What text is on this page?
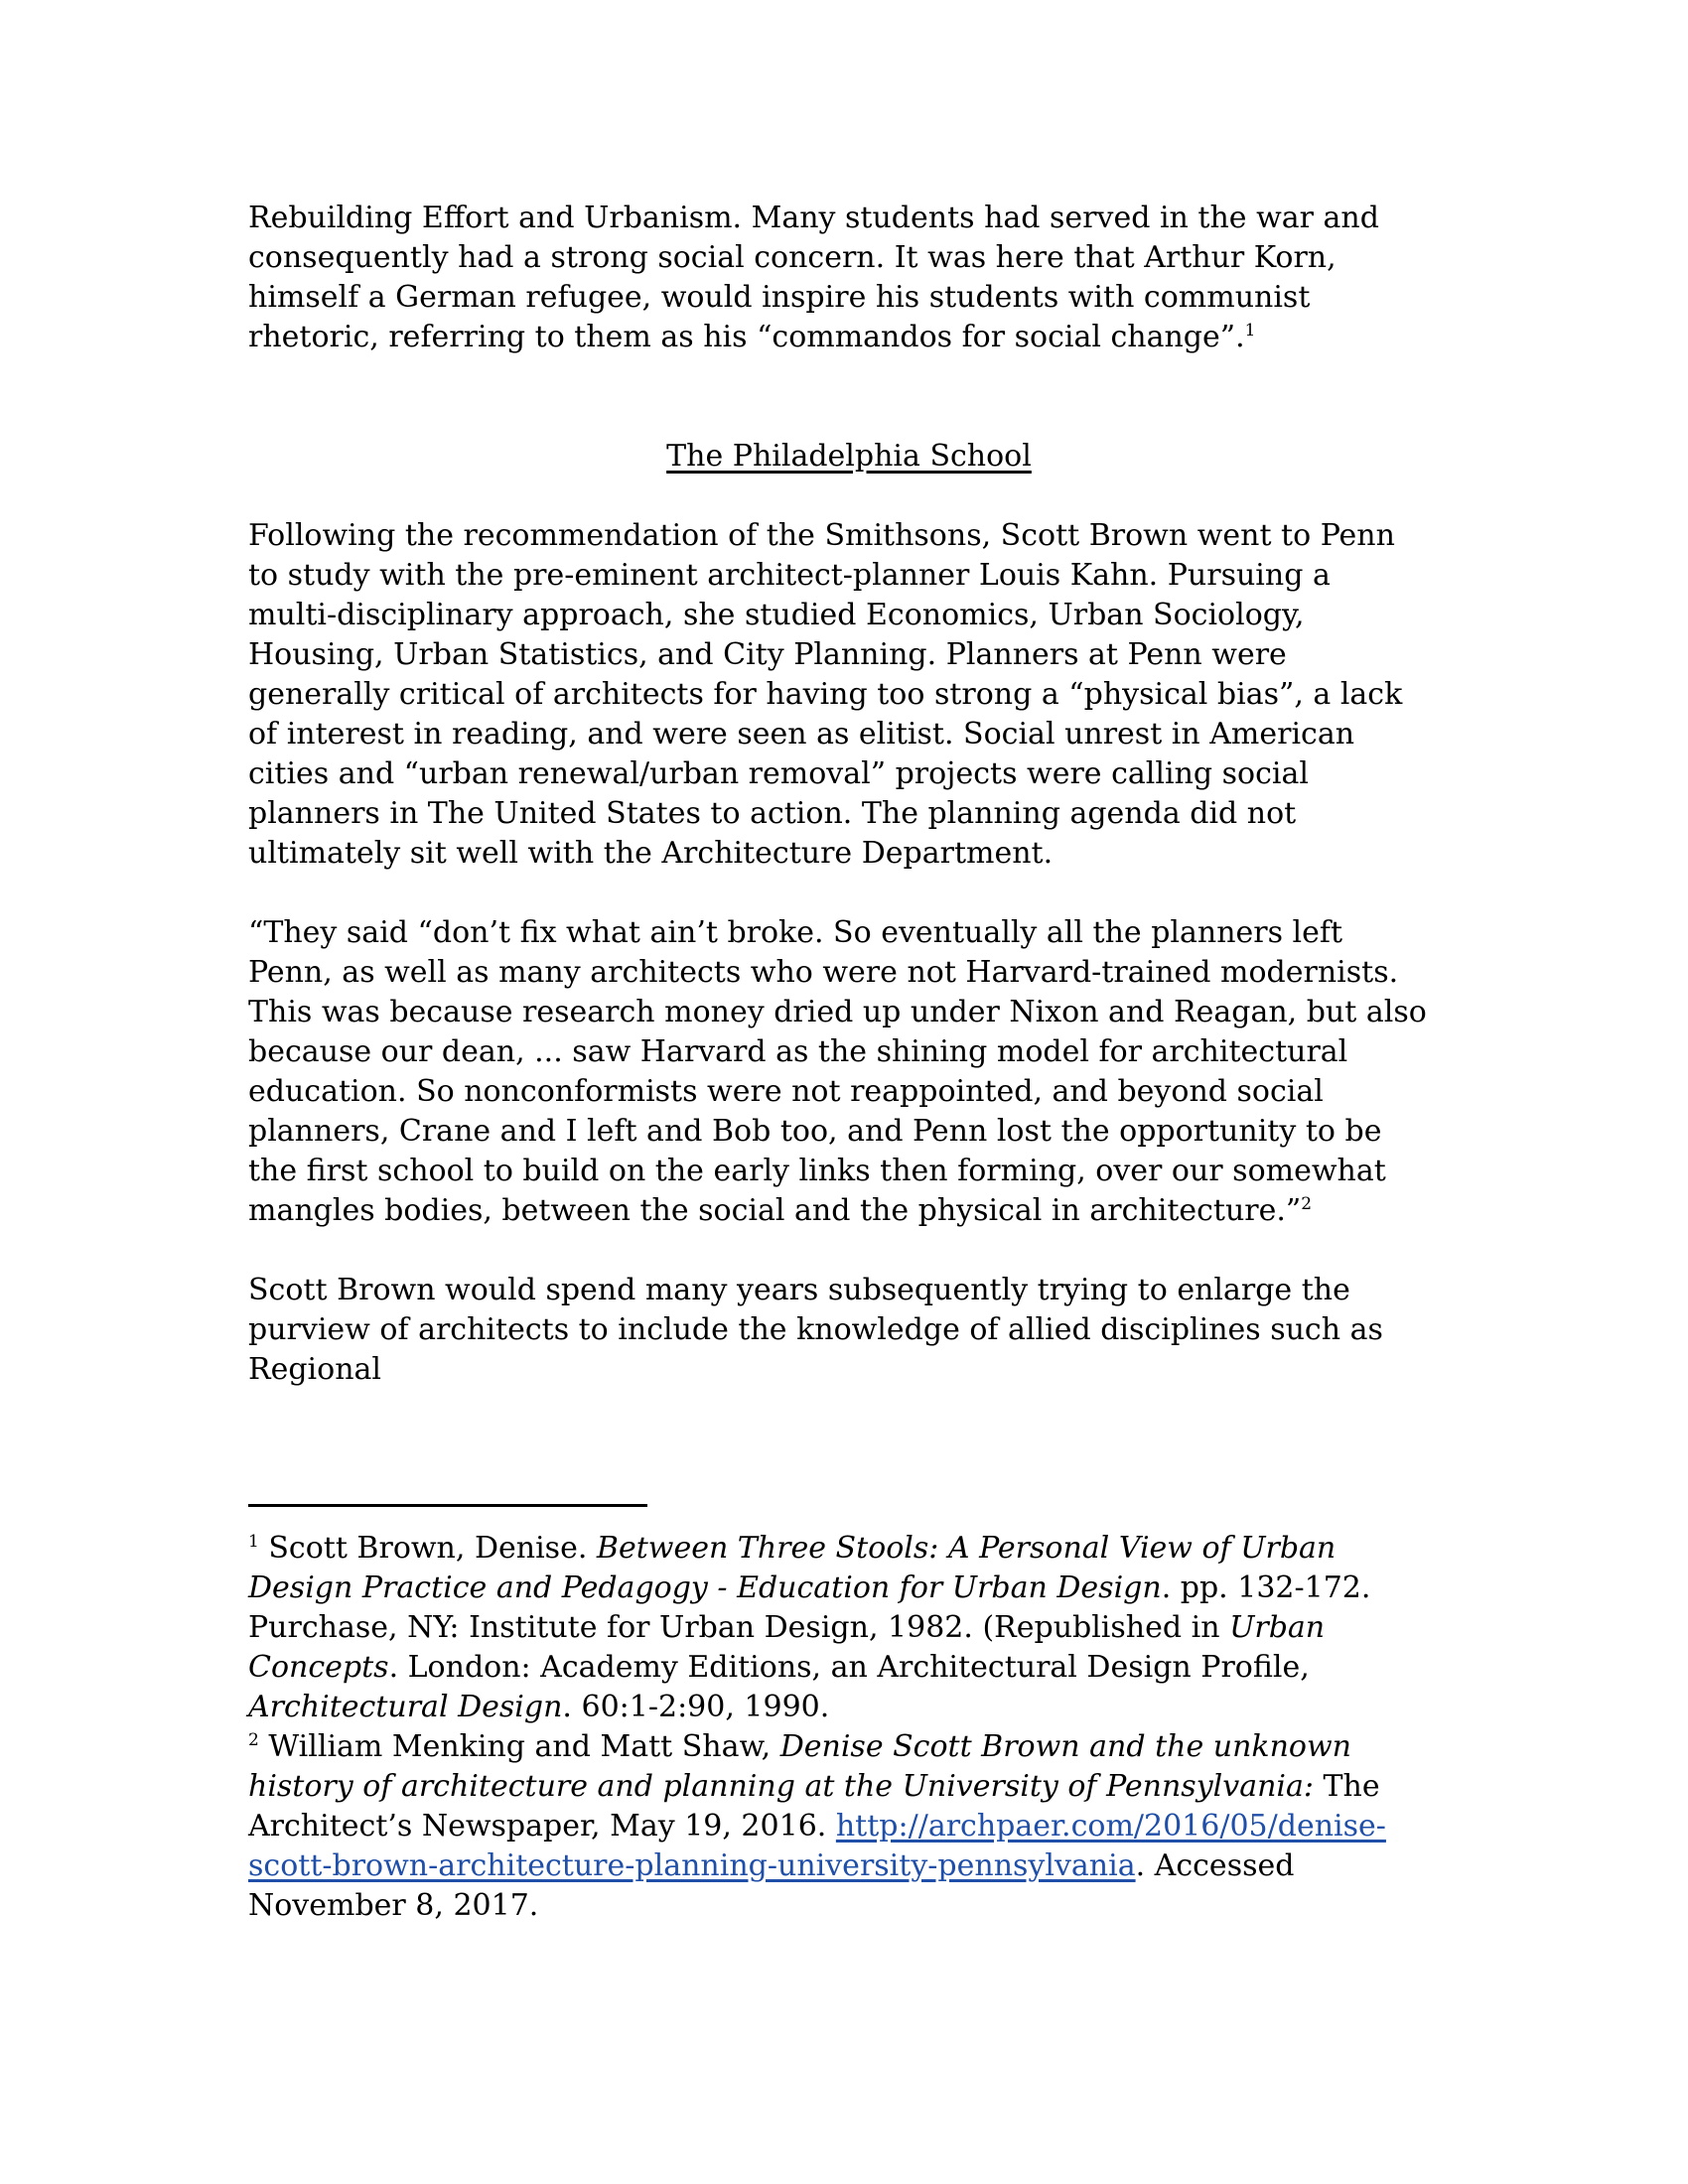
Rebuilding Effort and Urbanism. Many students had served in the war and
consequently had a strong social concern. It was here that Arthur Korn,
himself a German refugee, would inspire his students with communist
rhetoric, referring to them as his “commandos for social change”.$^1$

The Philadelphia School

Following the recommendation of the Smithsons, Scott Brown went to Penn
to study with the pre-eminent architect-planner Louis Kahn. Pursuing a
multi-disciplinary approach, she studied Economics, Urban Sociology,
Housing, Urban Statistics, and City Planning. Planners at Penn were
generally critical of architects for having too strong a “physical bias”, a lack
of interest in reading, and were seen as elitist. Social unrest in American
cities and “urban renewal/urban removal” projects were calling social
planners in The United States to action. The planning agenda did not
ultimately sit well with the Architecture Department.

“They said “don’t fix what ain’t broke. So eventually all the planners left
Penn, as well as many architects who were not Harvard-trained modernists.
This was because research money dried up under Nixon and Reagan, but also
because our dean, ... saw Harvard as the shining model for architectural
education. So nonconformists were not reappointed, and beyond social
planners, Crane and I left and Bob too, and Penn lost the opportunity to be
the first school to build on the early links then forming, over our somewhat
mangles bodies, between the social and the physical in architecture.”$^2$

Scott Brown would spend many years subsequently trying to enlarge the
purview of architects to include the knowledge of allied disciplines such as
Regional

$^1$ Scott Brown, Denise. Between Three Stools: A Personal View of Urban
Design Practice and Pedagogy - Education for Urban Design. pp. 132-172.
Purchase, NY: Institute for Urban Design, 1982. (Republished in Urban
Concepts. London: Academy Editions, an Architectural Design Profile,
Architectural Design. 60:1-2:90, 1990.
$^2$ William Menking and Matt Shaw, Denise Scott Brown and the unknown
history of architecture and planning at the University of Pennsylvania: The
Architect’s Newspaper, May 19, 2016. http://archpaer.com/2016/05/denise-
scott-brown-architecture-planning-university-pennsylvania. Accessed
November 8, 2017.
